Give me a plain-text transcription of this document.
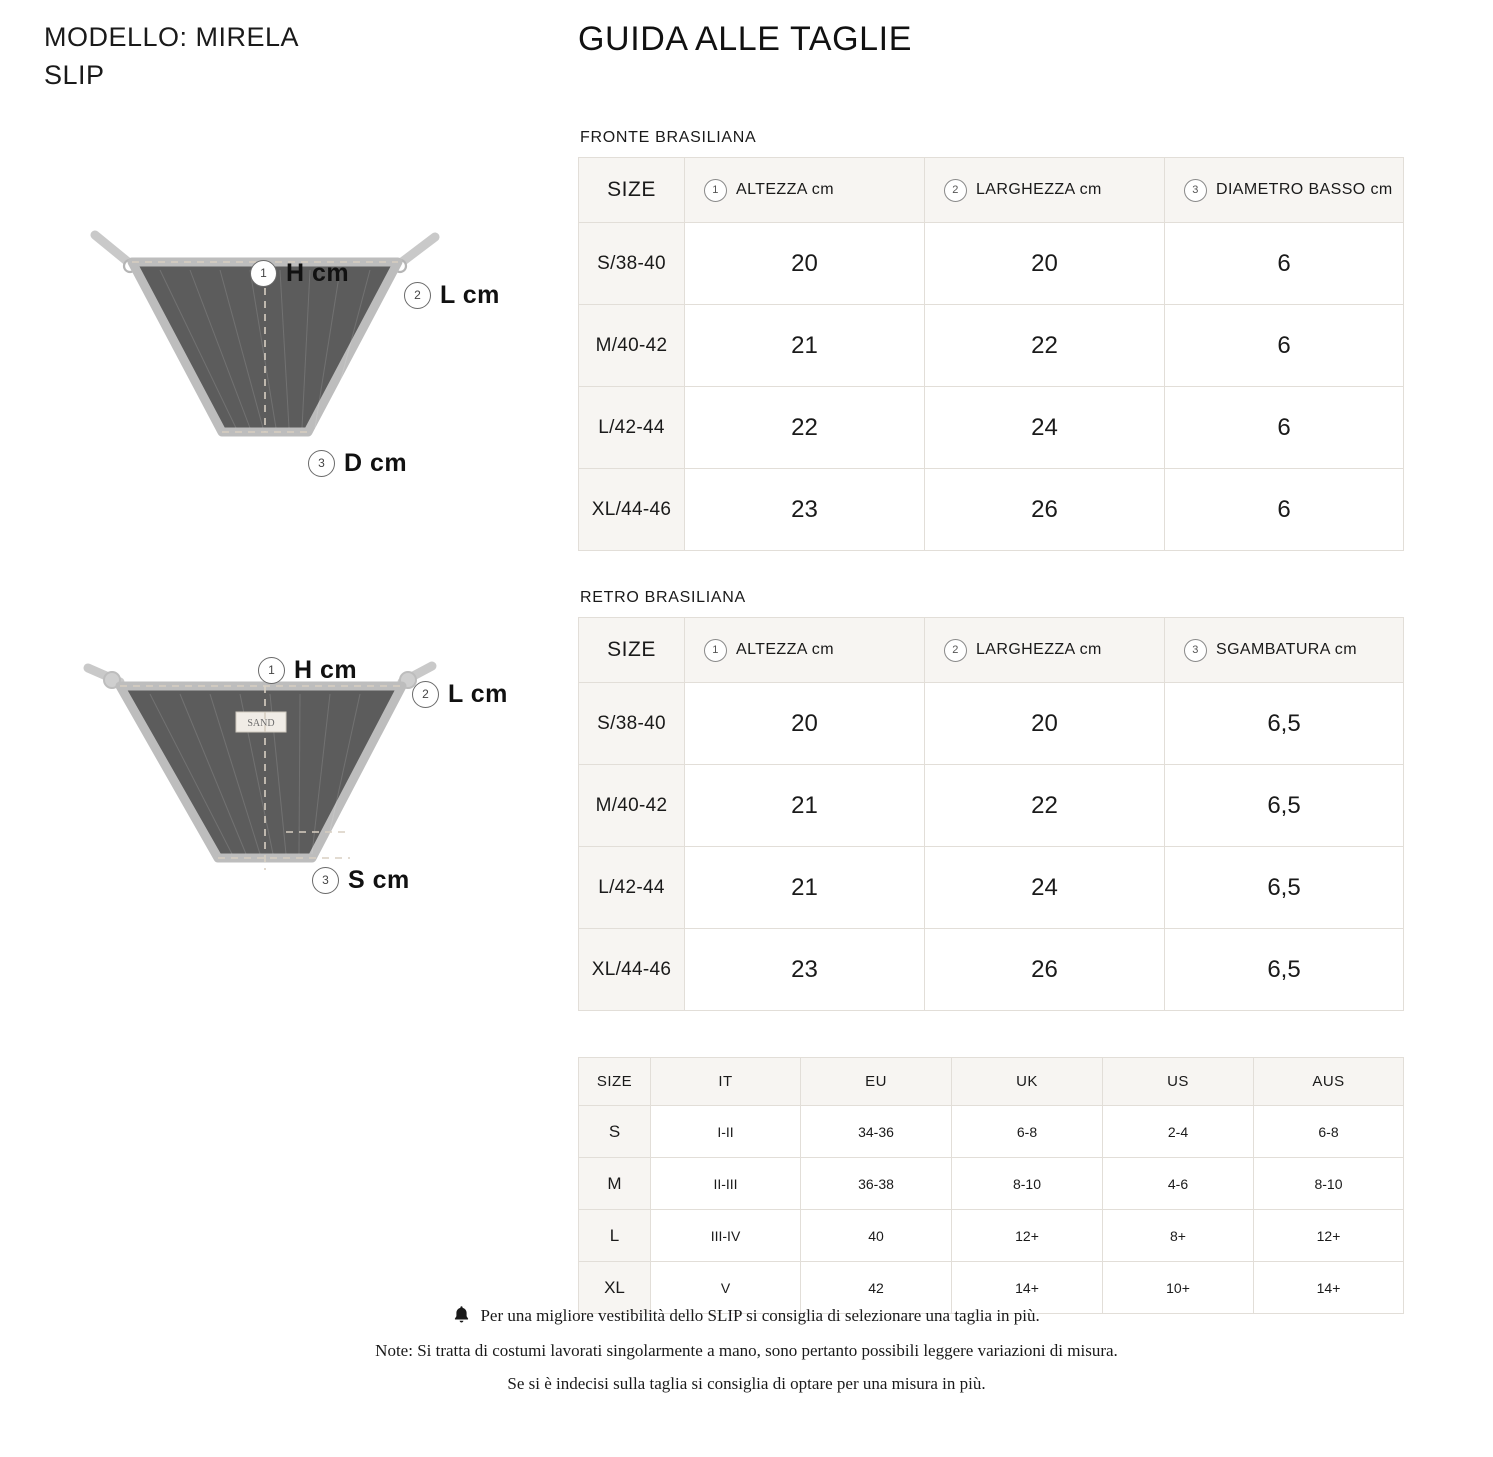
MODELLO: MIRELA
SLIP
1 H cm
2 L cm
3 D cm
SAND
1 H cm
2 L cm
3 S cm
GUIDA ALLE TAGLIE
FRONTE BRASILIANA
SIZE	1 ALTEZZA cm	2 LARGHEZZA cm	3 DIAMETRO BASSO cm

S/38-40	20	20	6
M/40-42	21	22	6
L/42-44	22	24	6
XL/44-46	23	26	6
RETRO BRASILIANA
SIZE	1 ALTEZZA cm	2 LARGHEZZA cm	3 SGAMBATURA cm

S/38-40	20	20	6,5
M/40-42	21	22	6,5
L/42-44	21	24	6,5
XL/44-46	23	26	6,5
SIZE	IT	EU	UK	US	AUS
S	I-II	34-36	6-8	2-4	6-8
M	II-III	36-38	8-10	4-6	8-10
L	III-IV	40	12+	8+	12+
XL	V	42	14+	10+	14+
Per una migliore vestibilità dello SLIP si consiglia di selezionare una taglia in più.
Note: Si tratta di costumi lavorati singolarmente a mano, sono pertanto possibili leggere variazioni di misura.
Se si è indecisi sulla taglia si consiglia di optare per una misura in più.
